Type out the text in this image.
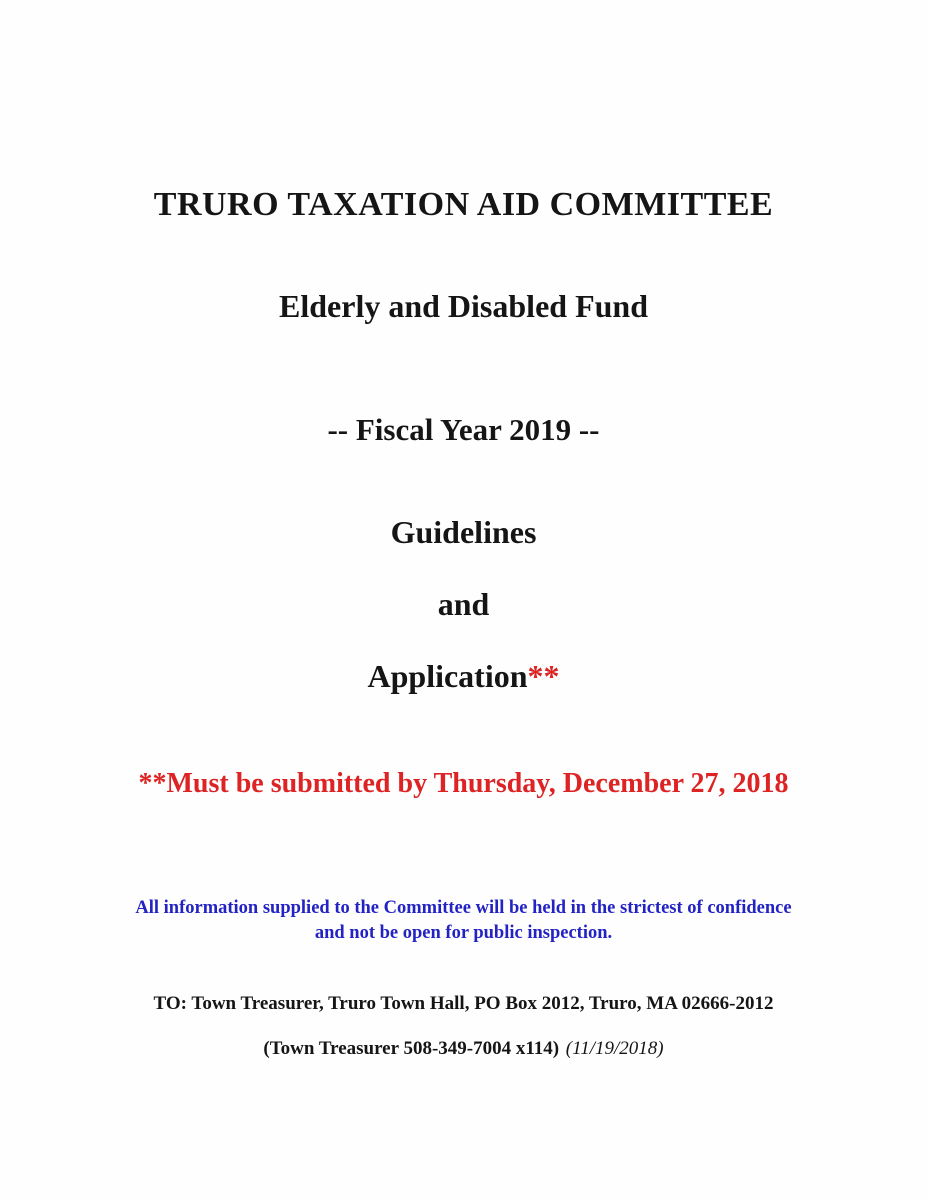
TRURO TAXATION AID COMMITTEE
Elderly and Disabled Fund
-- Fiscal Year 2019 --
Guidelines
and
Application**
**Must be submitted by Thursday, December 27, 2018
All information supplied to the Committee will be held in the strictest of confidence
and not be open for public inspection.
TO: Town Treasurer, Truro Town Hall, PO Box 2012, Truro, MA 02666-2012
(Town Treasurer 508-349-7004 x114) (11/19/2018)
